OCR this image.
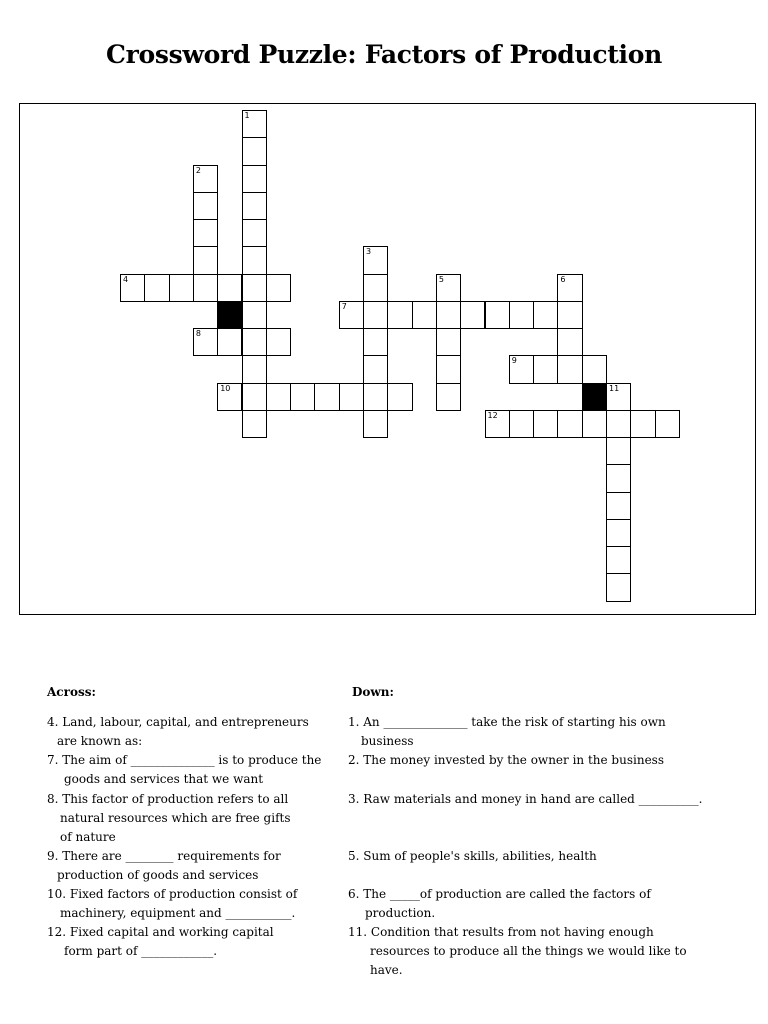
Crossword Puzzle: Factors of Production
4
7
8
9
10
12
1
2
3
5	6
11
Across:	Down:
4. Land, labour, capital, and entrepreneurs
are known as:
7. The aim of ______________ is to produce the
goods and services that we want
8. This factor of production refers to all
natural resources which are free gifts
of nature
9. There are ________ requirements for
production of goods and services
10. Fixed factors of production consist of
machinery, equipment and ___________.
12. Fixed capital and working capital
form part of ____________.
1. An ______________ take the risk of starting his own
business
2. The money invested by the owner in the business
3. Raw materials and money in hand are called __________.
5. Sum of people's skills, abilities, health
6. The _____of production are called the factors of
production.
11. Condition that results from not having enough
resources to produce all the things we would like to
have.
